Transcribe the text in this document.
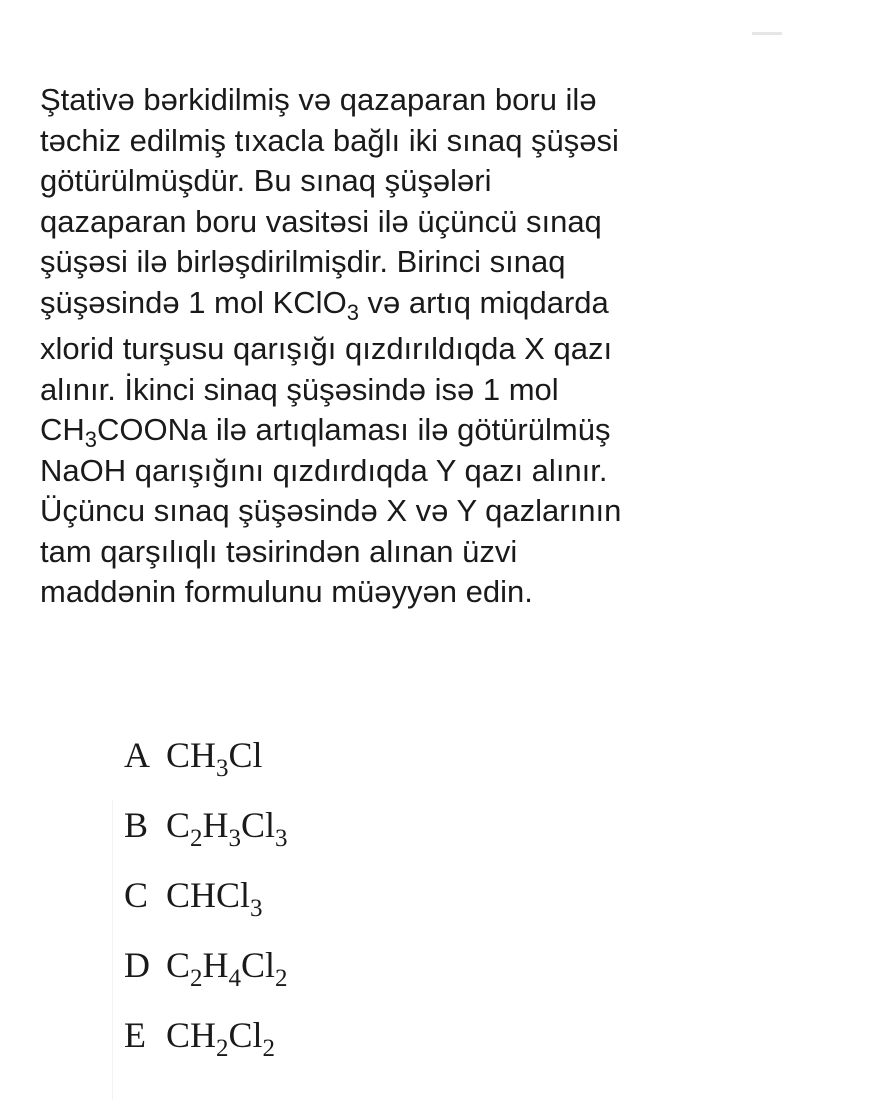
Ştativə bərkidilmiş və qazaparan boru ilə
təchiz edilmiş tıxacla bağlı iki sınaq şüşəsi
götürülmüşdür. Bu sınaq şüşələri
qazaparan boru vasitəsi ilə üçüncü sınaq
şüşəsi ilə birləşdirilmişdir. Birinci sınaq
şüşəsində 1 mol KClO$_3$ və artıq miqdarda
xlorid turşusu qarışığı qızdırıldıqda X qazı
alınır. İkinci sinaq şüşəsində isə 1 mol
$CH_3COONa$ ilə artıqlaması ilə götürülmüş
NaOH qarışığını qızdırdıqda Y qazı alınır.
Üçüncu sınaq şüşəsində X və Y qazlarının
tam qarşılıqlı təsirindən alınan üzvi
maddənin formulunu müəyyən edin.
A $CH_3Cl$
B $C_2H_3Cl_3$
C CHCl$_3$
D $C_2H_4Cl_2$
E $CH_2Cl_2$
